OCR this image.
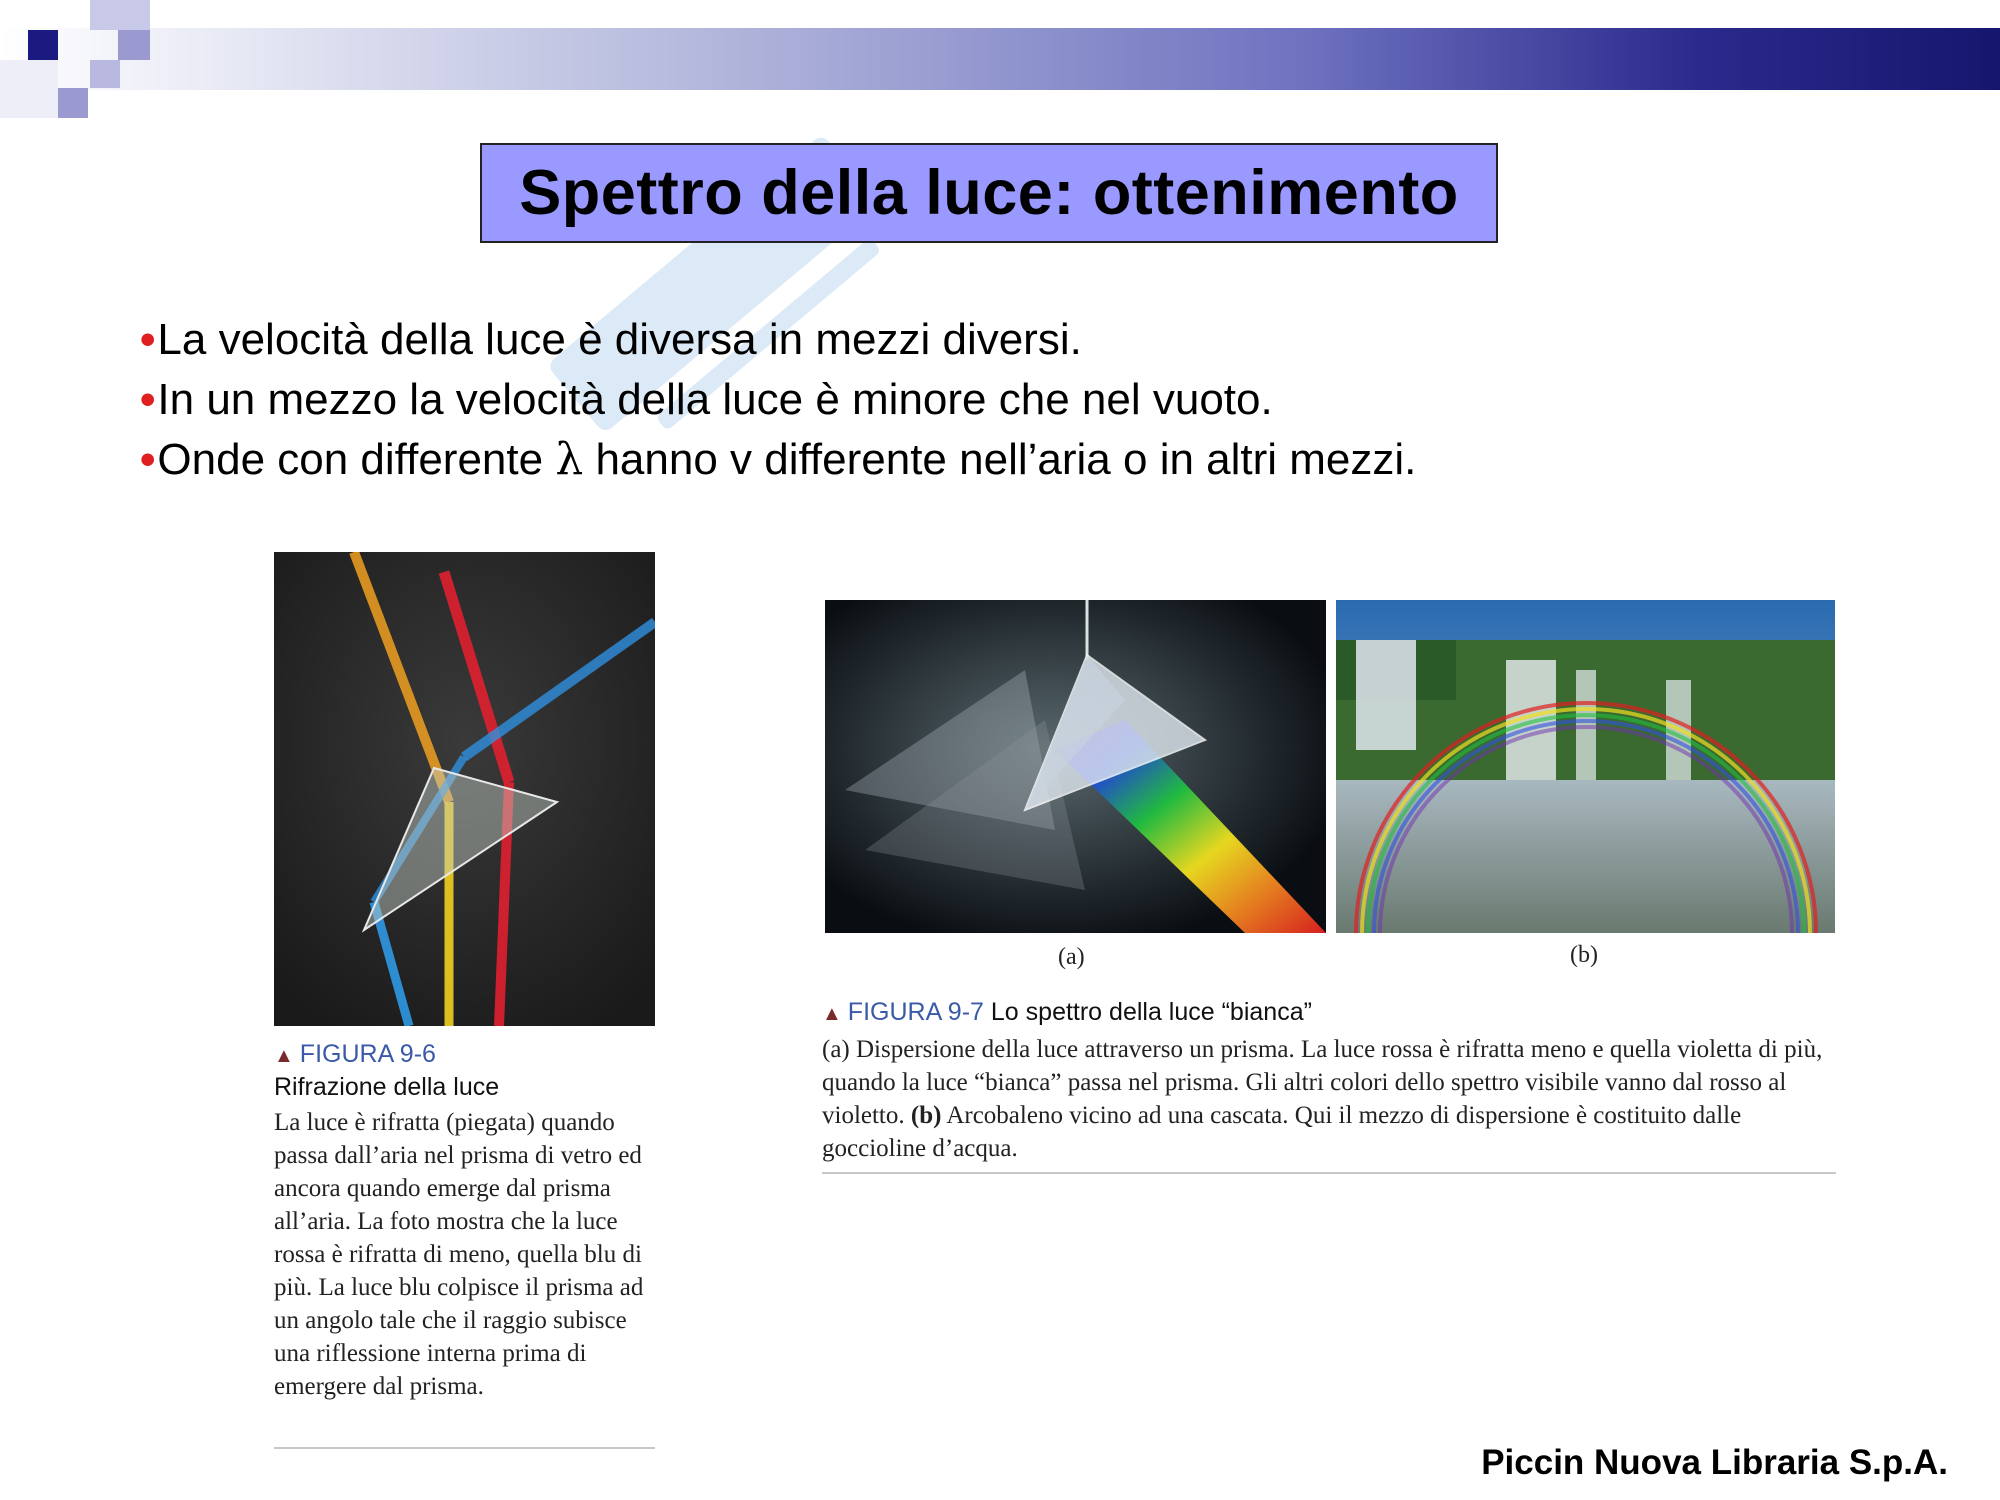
Spettro della luce: ottenimento
•La velocità della luce è diversa in mezzi diversi.
•In un mezzo la velocità della luce è minore che nel vuoto.
•Onde con differente λ hanno v differente nell’aria o in altri mezzi.
▲ FIGURA 9-6
Rifrazione della luce
La luce è rifratta (piegata) quando passa dall’aria nel prisma di vetro ed ancora quando emerge dal prisma all’aria. La foto mostra che la luce rossa è rifratta di meno, quella blu di più. La luce blu colpisce il prisma ad un angolo tale che il raggio subisce una riflessione interna prima di emergere dal prisma.
(a)	(b)
▲ FIGURA 9-7 Lo spettro della luce “bianca”
(a) Dispersione della luce attraverso un prisma. La luce rossa è rifratta meno e quella violetta di più, quando la luce “bianca” passa nel prisma. Gli altri colori dello spettro visibile vanno dal rosso al violetto. (b) Arcobaleno vicino ad una cascata. Qui il mezzo di dispersione è costituito dalle goccioline d’acqua.
Piccin Nuova Libraria S.p.A.
